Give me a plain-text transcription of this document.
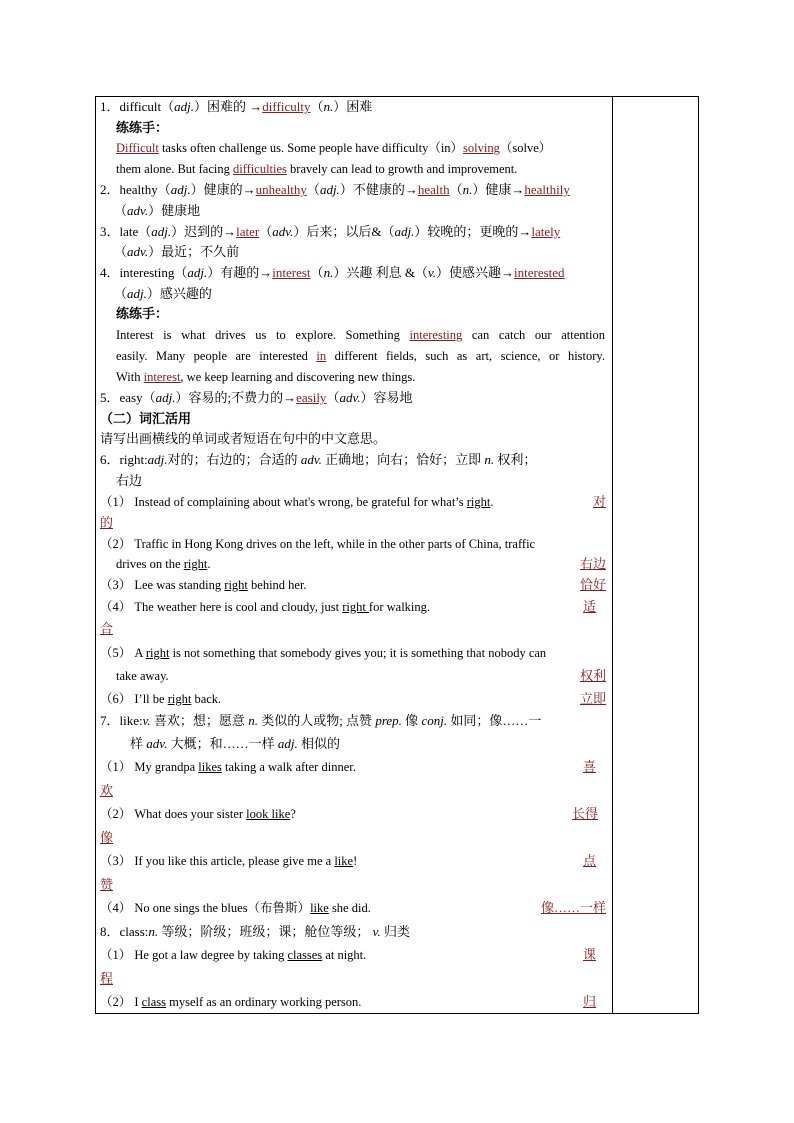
1．difficult（adj.）困难的 →difficulty（n.）困难
练练手：
Difficult tasks often challenge us. Some people have difficulty（in）solving（solve）
them alone. But facing difficulties bravely can lead to growth and improvement.
2．healthy（adj.）健康的→unhealthy（adj.）不健康的→health（n.）健康→healthily
（adv.）健康地
3．late（adj.）迟到的→later（adv.）后来；以后&（adj.）较晚的；更晚的→lately
（adv.）最近；不久前
4．interesting（adj.）有趣的→interest（n.）兴趣 利息 &（v.）使感兴趣→interested
（adj.）感兴趣的
练练手：
Interest is what drives us to explore. Something interesting can catch our attention
easily. Many people are interested in different fields, such as art, science, or history.
With interest, we keep learning and discovering new things.
5．easy（adj.）容易的;不费力的→easily（adv.）容易地
（二）词汇活用
请写出画横线的单词或者短语在句中的中文意思。
6．right:adj.对的；右边的；合适的 adv. 正确地；向右；恰好；立即 n. 权利；
右边
（1） Instead of complaining about what's wrong, be grateful for what’s right.	对
的
（2） Traffic in Hong Kong drives on the left, while in the other parts of China, traffic
drives on the right.	右边
（3） Lee was standing right behind her.	恰好
（4） The weather here is cool and cloudy, just right for walking.	适
合
（5） A right is not something that somebody gives you; it is something that nobody can
take away.	权利
（6） I’ll be right back.	立即
7．like:v. 喜欢；想；愿意 n. 类似的人或物; 点赞 prep. 像 conj. 如同；像……一
样 adv. 大概；和……一样 adj. 相似的
（1） My grandpa likes taking a walk after dinner.	喜
欢
（2） What does your sister look like?	长得
像
（3） If you like this article, please give me a like!	点
赞
（4） No one sings the blues（布鲁斯）like she did.	像……一样
8．class:n. 等级；阶级；班级；课；舱位等级； v. 归类
（1） He got a law degree by taking classes at night.	课
程
（2） I class myself as an ordinary working person.	归
